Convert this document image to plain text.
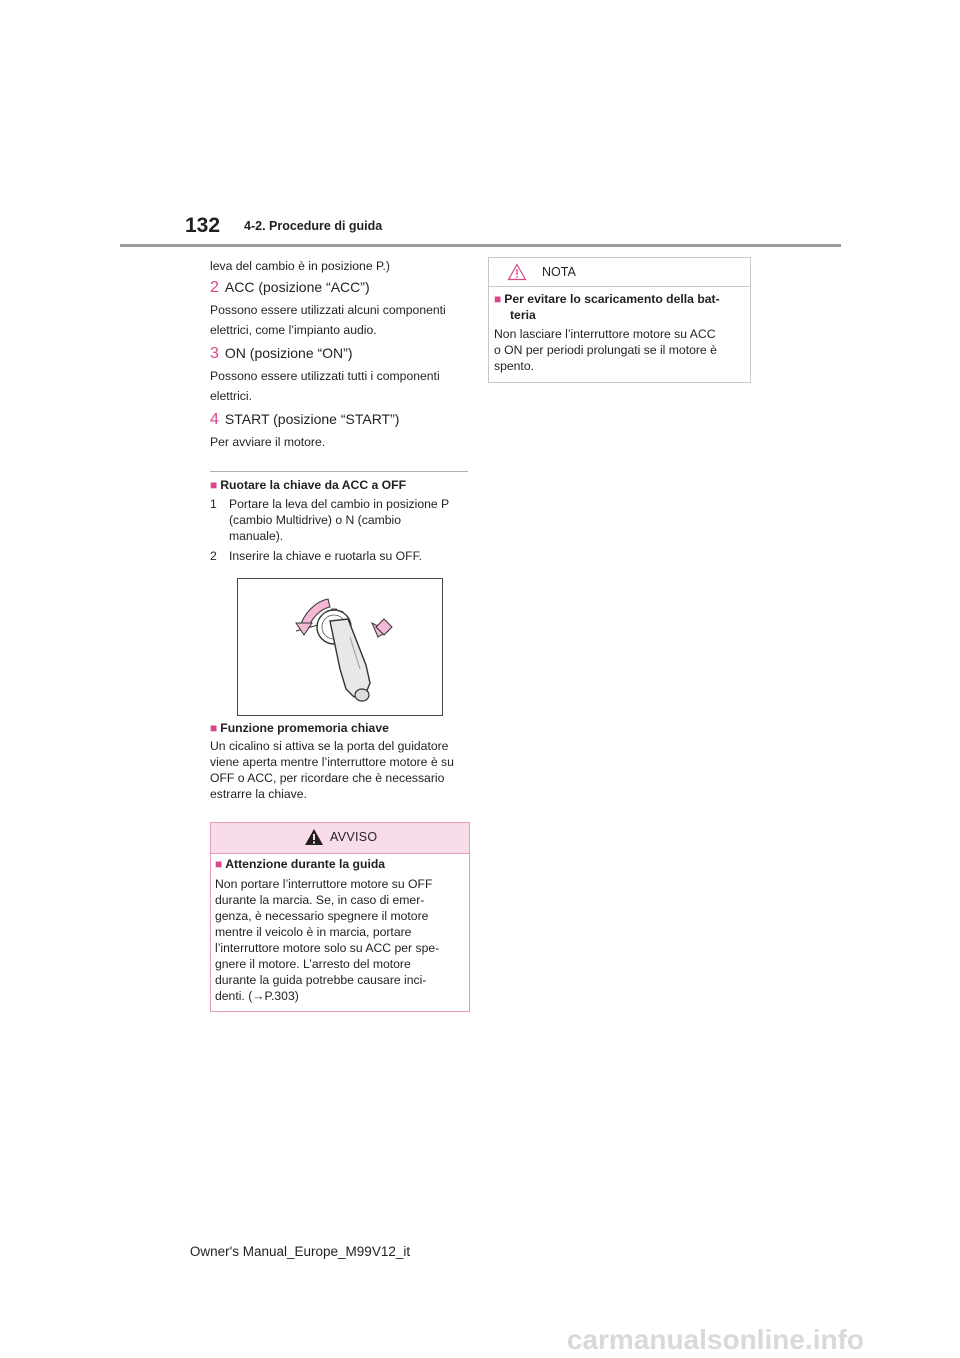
132 4-2. Procedure di guida
leva del cambio è in posizione P.)
2 ACC (posizione “ACC”)
Possono essere utilizzati alcuni componenti
elettrici, come l’impianto audio.
3 ON (posizione “ON”)
Possono essere utilizzati tutti i componenti
elettrici.
4 START (posizione “START”)
Per avviare il motore.
■ Ruotare la chiave da ACC a OFF
1 Portare la leva del cambio in posizione P
(cambio Multidrive) o N (cambio
manuale).
2 Inserire la chiave e ruotarla su OFF.
■ Funzione promemoria chiave
Un cicalino si attiva se la porta del guidatore
viene aperta mentre l’interruttore motore è su
OFF o ACC, per ricordare che è necessario
estrarre la chiave.
AVVISO
■ Attenzione durante la guida
Non portare l’interruttore motore su OFF
durante la marcia. Se, in caso di emer-
genza, è necessario spegnere il motore
mentre il veicolo è in marcia, portare
l’interruttore motore solo su ACC per spe-
gnere il motore. L’arresto del motore
durante la guida potrebbe causare inci-
denti. (→P.303)
NOTA
■ Per evitare lo scaricamento della bat-
teria
Non lasciare l’interruttore motore su ACC
o ON per periodi prolungati se il motore è
spento.
Owner's Manual_Europe_M99V12_it
carmanualsonline.info
